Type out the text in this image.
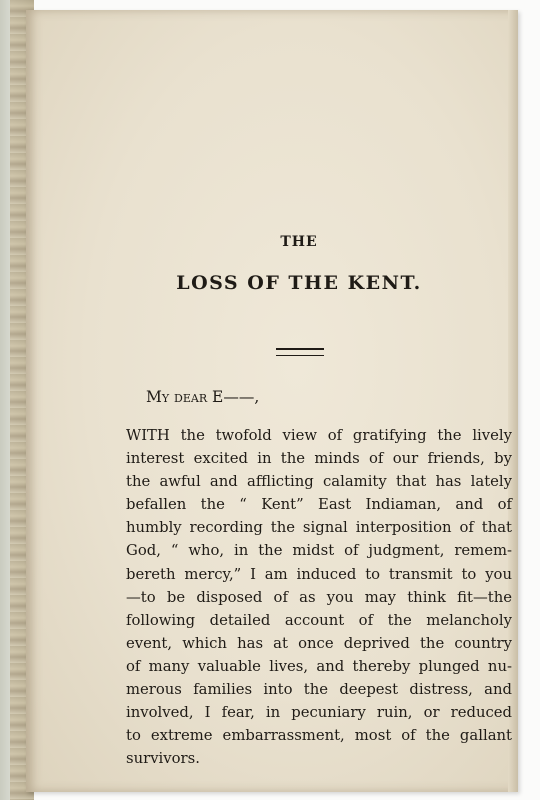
THE
LOSS OF THE KENT.
My dear E——,
WITH the twofold view of gratifying the lively
interest excited in the minds of our friends, by
the awful and afflicting calamity that has lately
befallen the “ Kent” East Indiaman, and of
humbly recording the signal interposition of that
God, “ who, in the midst of judgment, remem-
bereth mercy,” I am induced to transmit to you
—to be disposed of as you may think fit—the
following detailed account of the melancholy
event, which has at once deprived the country
of many valuable lives, and thereby plunged nu-
merous families into the deepest distress, and
involved, I fear, in pecuniary ruin, or reduced
to extreme embarrassment, most of the gallant
survivors.
